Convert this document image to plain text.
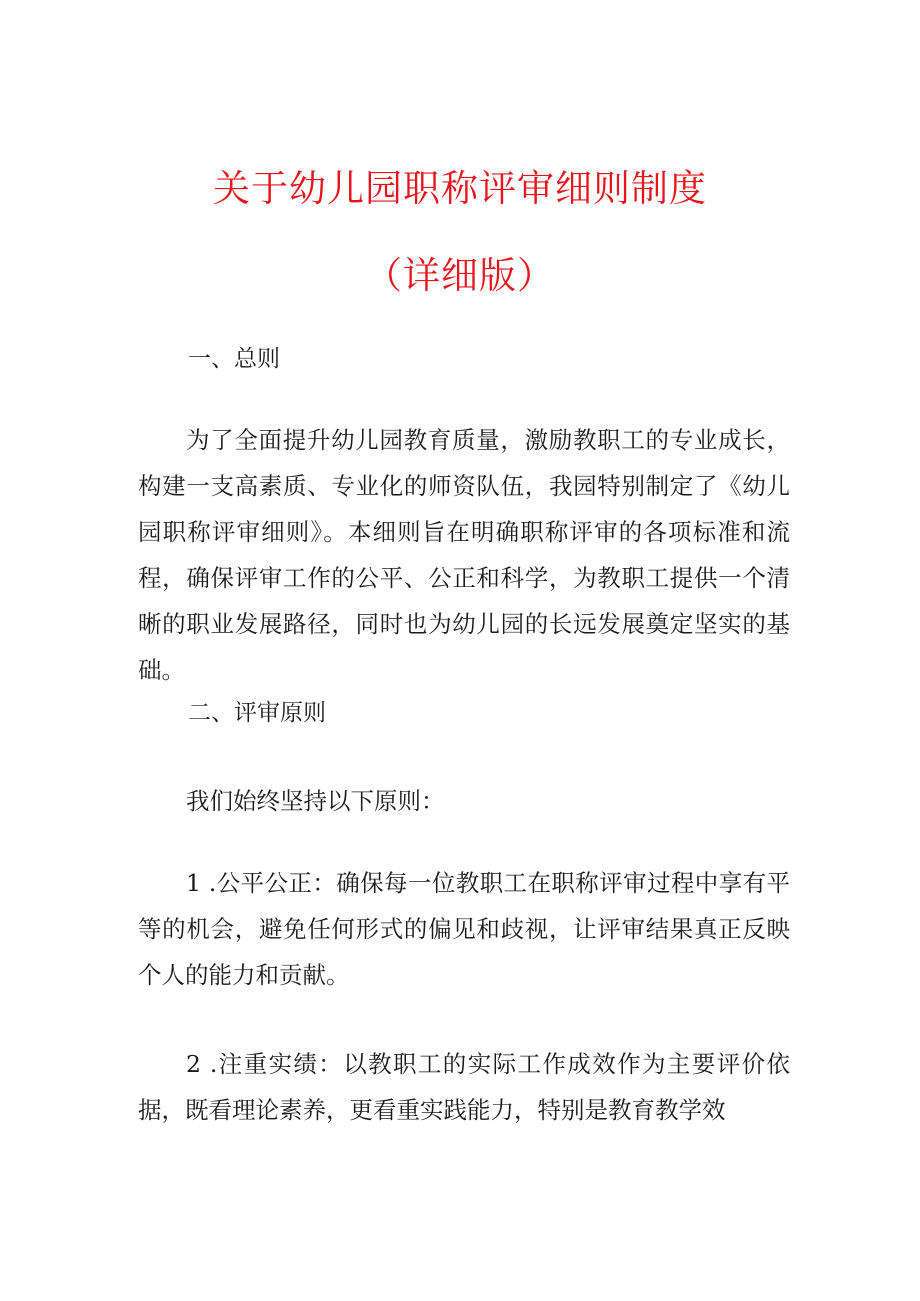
关于幼儿园职称评审细则制度
（详细版）
一、总则

为了全面提升幼儿园教育质量，激励教职工的专业成长，构建一支高素质、专业化的师资队伍，我园特别制定了《幼儿园职称评审细则》。本细则旨在明确职称评审的各项标准和流程，确保评审工作的公平、公正和科学，为教职工提供一个清晰的职业发展路径，同时也为幼儿园的长远发展奠定坚实的基础。

二、评审原则

我们始终坚持以下原则：

1 .公平公正：确保每一位教职工在职称评审过程中享有平等的机会，避免任何形式的偏见和歧视，让评审结果真正反映个人的能力和贡献。

2 .注重实绩：以教职工的实际工作成效作为主要评价依据，既看理论素养，更看重实践能力，特别是教育教学效
